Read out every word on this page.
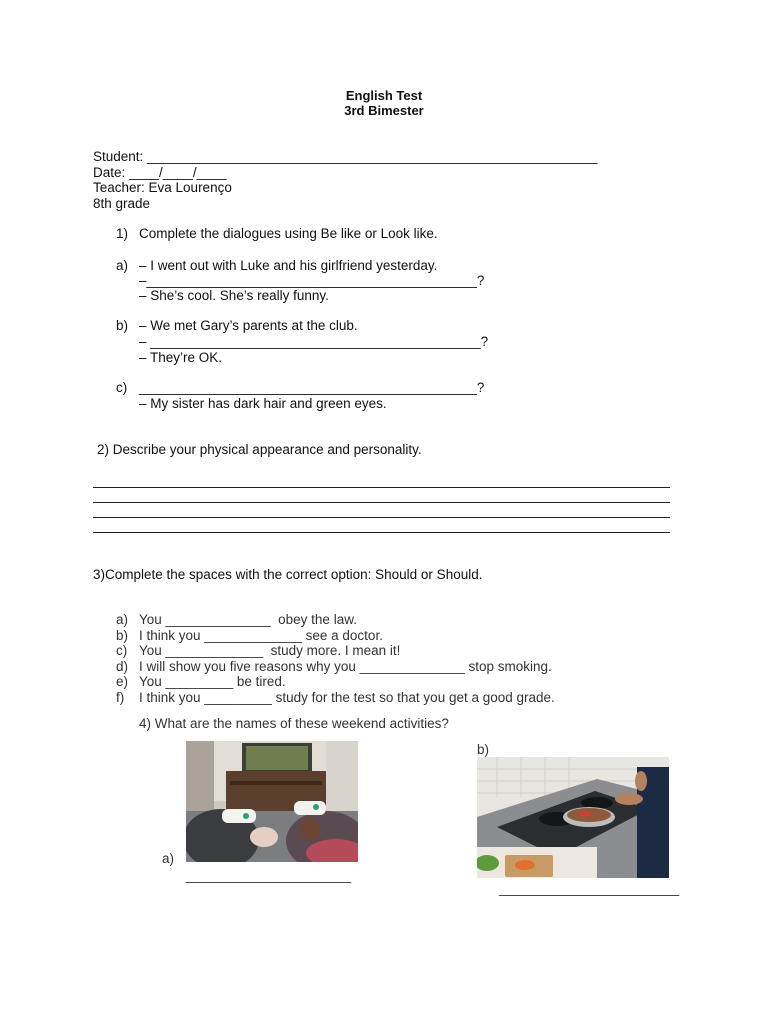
English Test
3rd Bimester
Student: ____________________________________________________________
Date: ____/____/____
Teacher: Eva Lourenço
8th grade
1) Complete the dialogues using Be like or Look like.
a) – I went out with Luke and his girlfriend yesterday.
–____________________________________________?
– She’s cool. She’s really funny.
b) – We met Gary’s parents at the club.
– ____________________________________________?
– They’re OK.
c) _____________________________________________?
– My sister has dark hair and green eyes.
2) Describe your physical appearance and personality.
3)Complete the spaces with the correct option: Should or Should.
a) You ______________  obey the law.
b) I think you _____________ see a doctor.
c) You _____________  study more. I mean it!
d) I will show you five reasons why you ______________ stop smoking.
e) You _________ be tired.
f) I think you _________ study for the test so that you get a good grade.
4) What are the names of these weekend activities?
a)
______________________
b)
________________________
